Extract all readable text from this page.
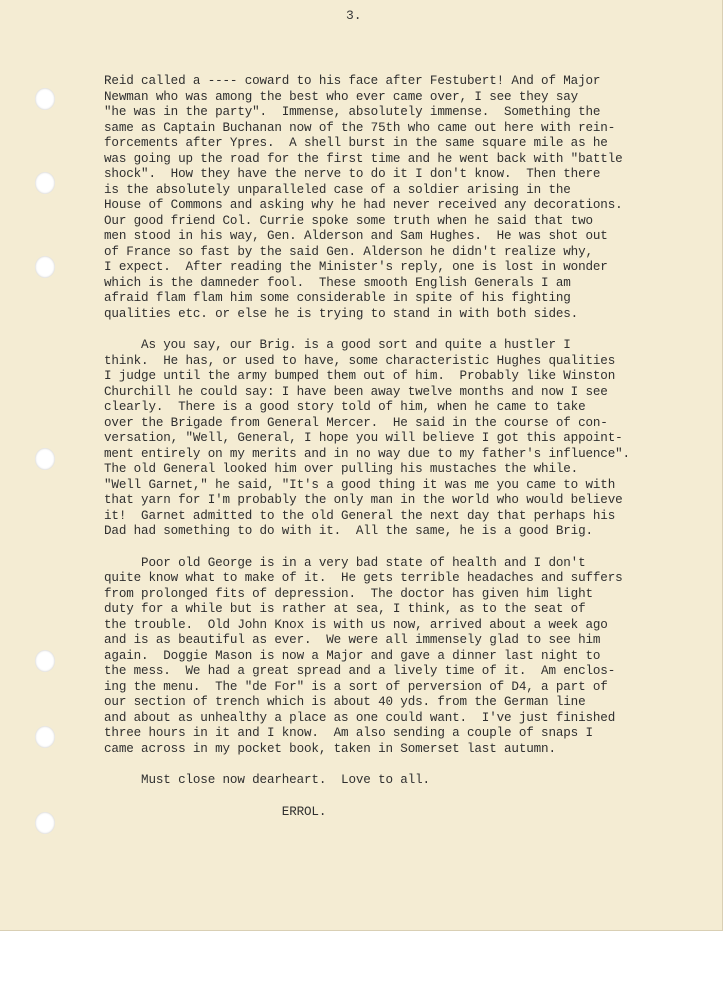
3.
Reid called a ---- coward to his face after Festubert! And of Major
Newman who was among the best who ever came over, I see they say
"he was in the party".  Immense, absolutely immense.  Something the
same as Captain Buchanan now of the 75th who came out here with rein-
forcements after Ypres.  A shell burst in the same square mile as he
was going up the road for the first time and he went back with "battle
shock".  How they have the nerve to do it I don't know.  Then there
is the absolutely unparalleled case of a soldier arising in the
House of Commons and asking why he had never received any decorations.
Our good friend Col. Currie spoke some truth when he said that two
men stood in his way, Gen. Alderson and Sam Hughes.  He was shot out
of France so fast by the said Gen. Alderson he didn't realize why,
I expect.  After reading the Minister's reply, one is lost in wonder
which is the damneder fool.  These smooth English Generals I am
afraid flam flam him some considerable in spite of his fighting
qualities etc. or else he is trying to stand in with both sides.
As you say, our Brig. is a good sort and quite a hustler I
think.  He has, or used to have, some characteristic Hughes qualities
I judge until the army bumped them out of him.  Probably like Winston
Churchill he could say: I have been away twelve months and now I see
clearly.  There is a good story told of him, when he came to take
over the Brigade from General Mercer.  He said in the course of con-
versation, "Well, General, I hope you will believe I got this appoint-
ment entirely on my merits and in no way due to my father's influence".
The old General looked him over pulling his mustaches the while.
"Well Garnet," he said, "It's a good thing it was me you came to with
that yarn for I'm probably the only man in the world who would believe
it!  Garnet admitted to the old General the next day that perhaps his
Dad had something to do with it.  All the same, he is a good Brig.
Poor old George is in a very bad state of health and I don't
quite know what to make of it.  He gets terrible headaches and suffers
from prolonged fits of depression.  The doctor has given him light
duty for a while but is rather at sea, I think, as to the seat of
the trouble.  Old John Knox is with us now, arrived about a week ago
and is as beautiful as ever.  We were all immensely glad to see him
again.  Doggie Mason is now a Major and gave a dinner last night to
the mess.  We had a great spread and a lively time of it.  Am enclos-
ing the menu.  The "de For" is a sort of perversion of D4, a part of
our section of trench which is about 40 yds. from the German line
and about as unhealthy a place as one could want.  I've just finished
three hours in it and I know.  Am also sending a couple of snaps I
came across in my pocket book, taken in Somerset last autumn.
Must close now dearheart.  Love to all.
ERROL.
